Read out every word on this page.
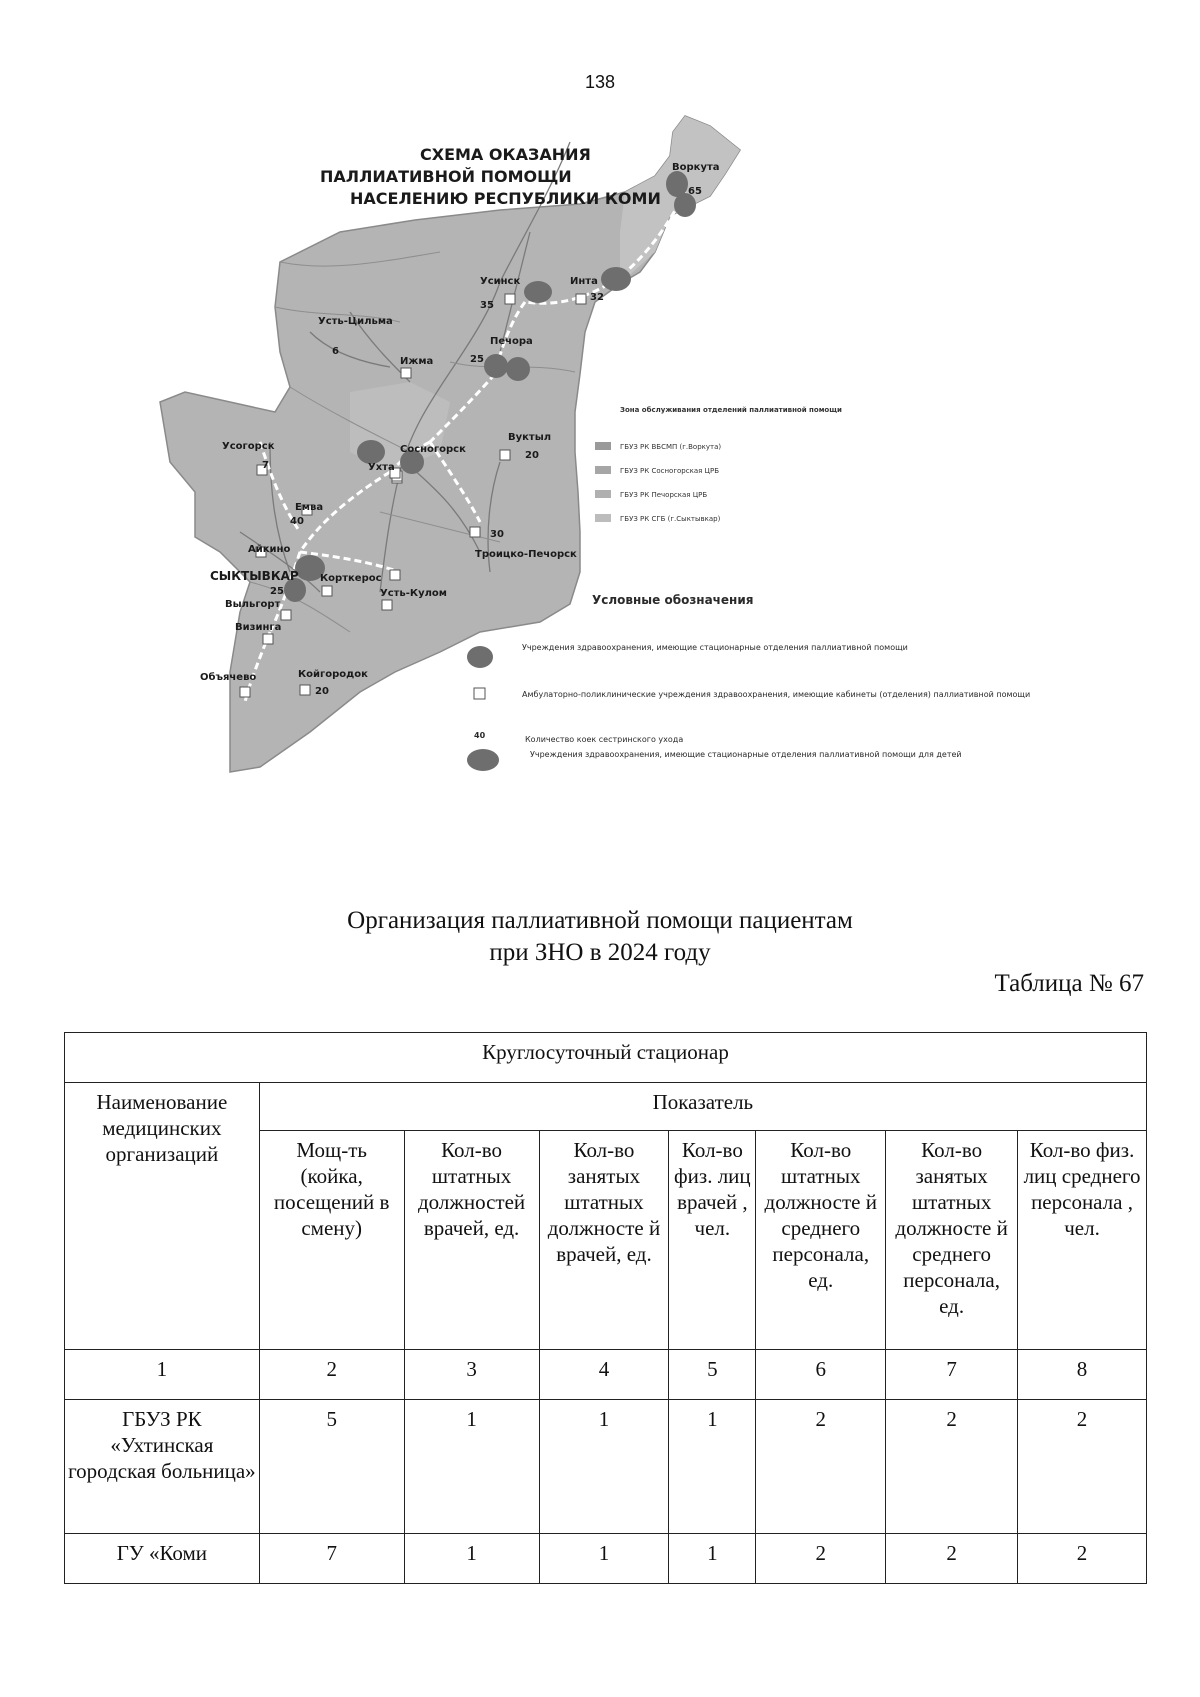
138
СХЕМА ОКАЗАНИЯ
ПАЛЛИАТИВНОЙ ПОМОЩИ
НАСЕЛЕНИЮ РЕСПУБЛИКИ КОМИ
Воркута
65
Инта
32
Усинск
35
Печора
25
Усть-Цильма
6
Ижма
Вуктыл
20
Сосногорск
Ухта
Троицко-Печорск
30
Усогорск
7
Емва
40
Айкино
СЫКТЫВКАР
25
Корткерос
Усть-Кулом
Выльгорт
Визинга
Объячево	Койгородок
20
Зона обслуживания отделений паллиативной помощи
ГБУЗ РК ВБСМП (г.Воркута)
ГБУЗ РК Сосногорская ЦРБ
ГБУЗ РК Печорская ЦРБ
ГБУЗ РК СГБ (г.Сыктывкар)
Условные обозначения
Учреждения здравоохранения, имеющие стационарные отделения паллиативной помощи
Амбулаторно-поликлинические учреждения здравоохранения, имеющие кабинеты (отделения) паллиативной помощи
40	Количество коек сестринского ухода
Учреждения здравоохранения, имеющие стационарные отделения паллиативной помощи для детей
Организация паллиативной помощи пациентам
при ЗНО в 2024 году
Таблица № 67
Круглосуточный стационар							
Наименование медицинских организаций	Показатель						
	Мощ-ть (койка, посещений в смену)	Кол-во штатных должностей врачей, ед.	Кол-во занятых штатных должносте й врачей, ед.	Кол-во физ. лиц врачей , чел.	Кол-во штатных должносте й среднего персонала, ед.	Кол-во занятых штатных должносте й среднего персонала, ед.	Кол-во физ. лиц среднего персонала , чел.
1	2	3	4	5	6	7	8
ГБУЗ РК «Ухтинская городская больница»	5	1	1	1	2	2	2
ГУ «Коми	7	1	1	1	2	2	2
